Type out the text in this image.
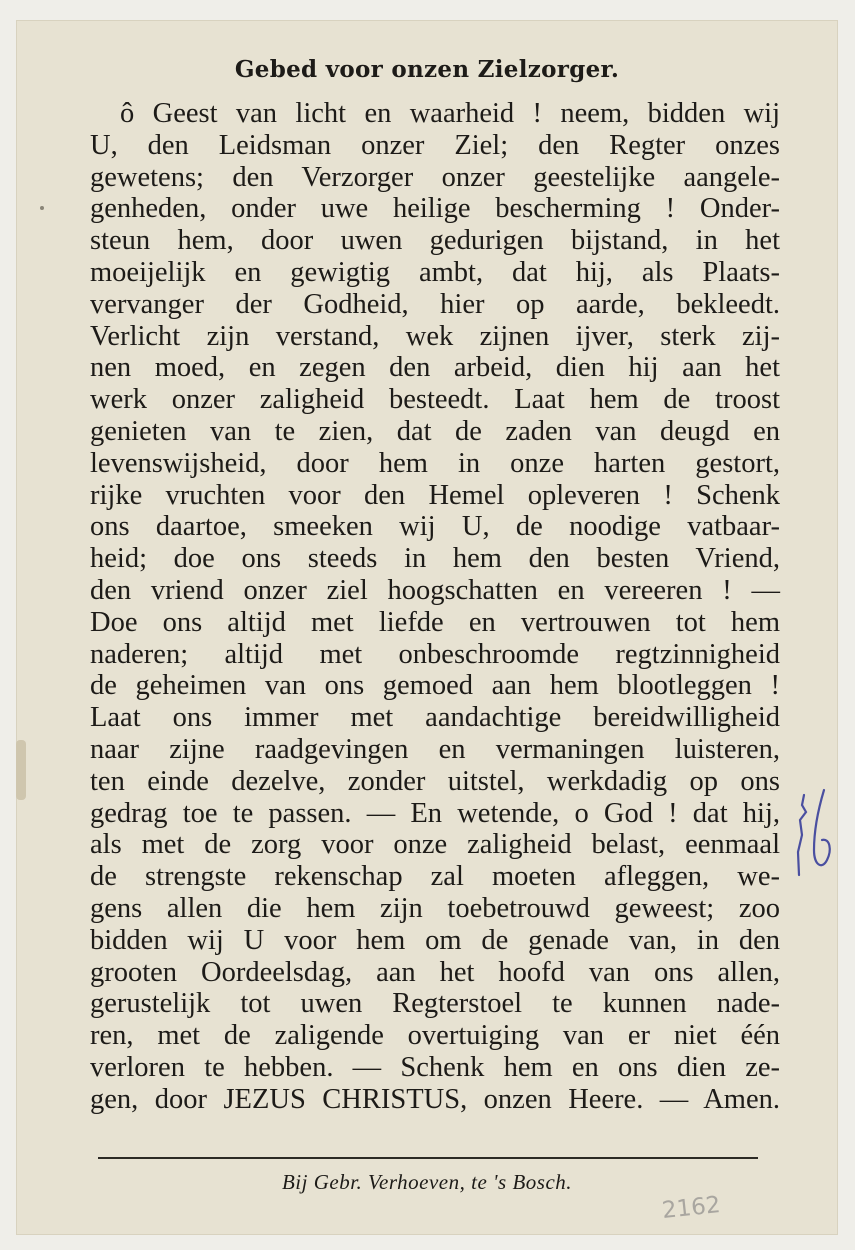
Gebed voor onzen Zielzorger.
ô Geest van licht en waarheid ! neem, bidden wij
U, den Leidsman onzer Ziel; den Regter onzes
gewetens; den Verzorger onzer geestelijke aangele-
genheden, onder uwe heilige bescherming ! Onder-
steun hem, door uwen gedurigen bijstand, in het
moeijelijk en gewigtig ambt, dat hij, als Plaats-
vervanger der Godheid, hier op aarde, bekleedt.
Verlicht zijn verstand, wek zijnen ijver, sterk zij-
nen moed, en zegen den arbeid, dien hij aan het
werk onzer zaligheid besteedt. Laat hem de troost
genieten van te zien, dat de zaden van deugd en
levenswijsheid, door hem in onze harten gestort,
rijke vruchten voor den Hemel opleveren ! Schenk
ons daartoe, smeeken wij U, de noodige vatbaar-
heid; doe ons steeds in hem den besten Vriend,
den vriend onzer ziel hoogschatten en vereeren ! —
Doe ons altijd met liefde en vertrouwen tot hem
naderen; altijd met onbeschroomde regtzinnigheid
de geheimen van ons gemoed aan hem blootleggen !
Laat ons immer met aandachtige bereidwilligheid
naar zijne raadgevingen en vermaningen luisteren,
ten einde dezelve, zonder uitstel, werkdadig op ons
gedrag toe te passen. — En wetende, o God ! dat hij,
als met de zorg voor onze zaligheid belast, eenmaal
de strengste rekenschap zal moeten afleggen, we-
gens allen die hem zijn toebetrouwd geweest; zoo
bidden wij U voor hem om de genade van, in den
grooten Oordeelsdag, aan het hoofd van ons allen,
gerustelijk tot uwen Regterstoel te kunnen nade-
ren, met de zaligende overtuiging van er niet één
verloren te hebben. — Schenk hem en ons dien ze-
gen, door JEZUS CHRISTUS, onzen Heere. — Amen.
16
Bij Gebr. Verhoeven, te 's Bosch.
2162
